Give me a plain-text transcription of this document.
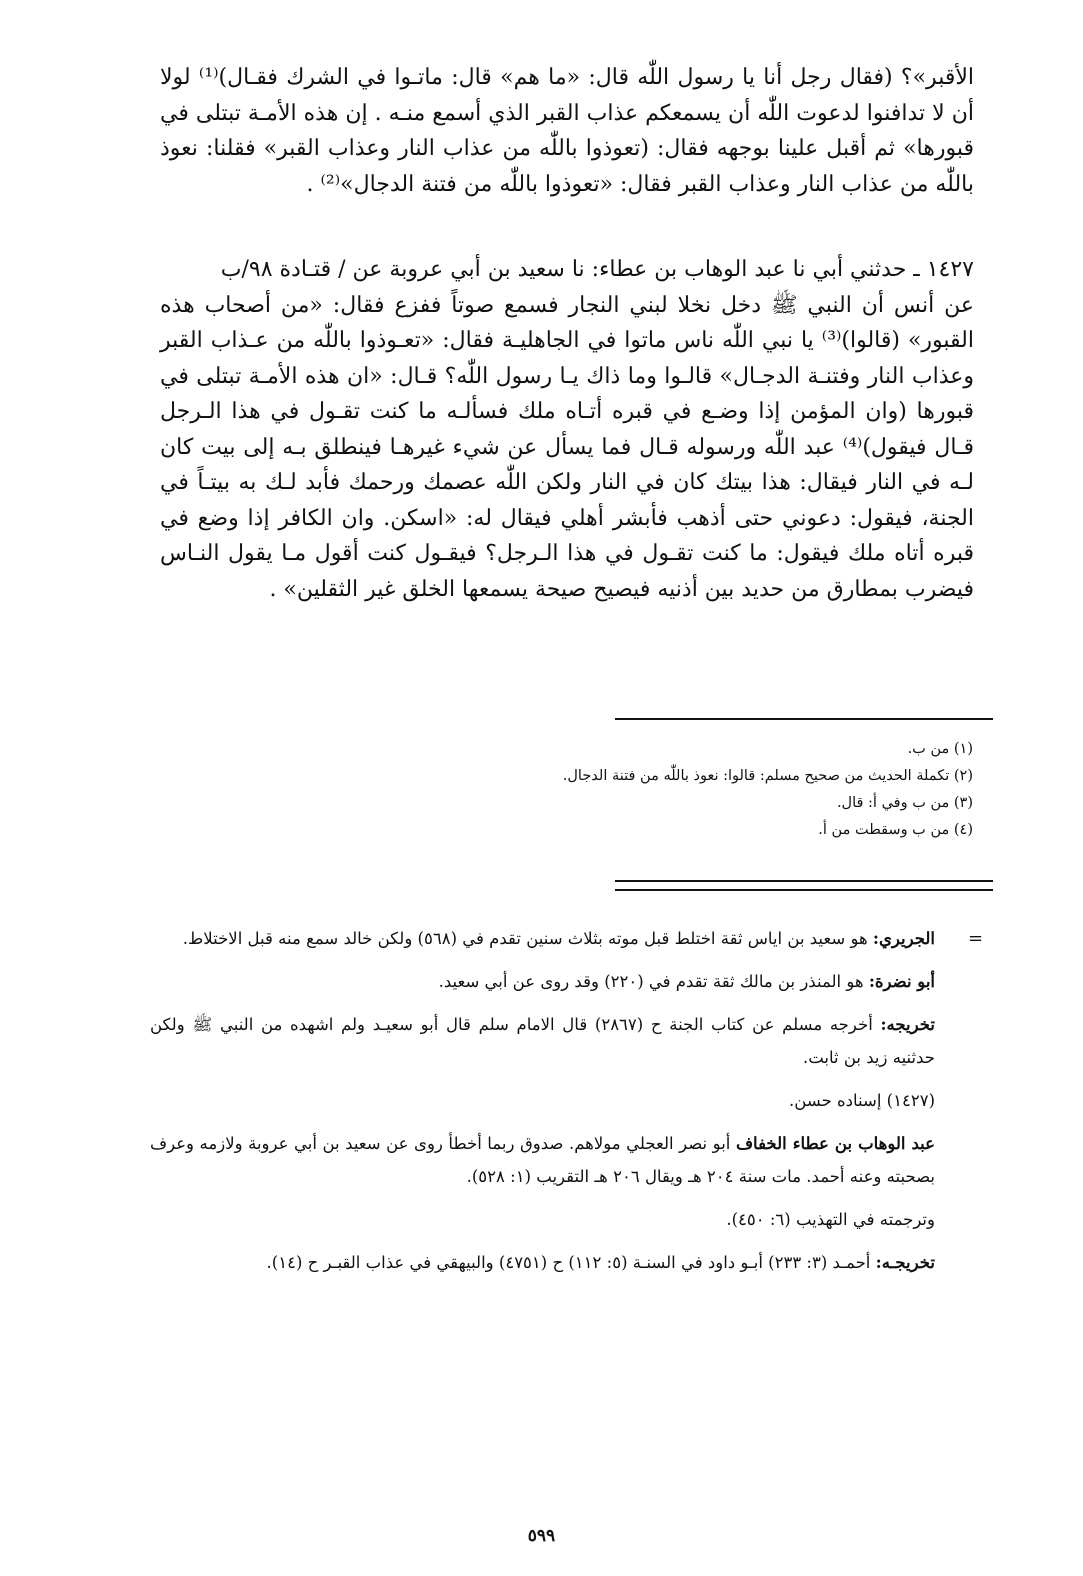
الأقبر»؟ (فقال رجل أنا يا رسول اللّٰه قال: «ما هم» قال: ماتـوا في الشرك فقـال)⁽¹⁾ لولا أن لا تدافنوا لدعوت اللّٰه أن يسمعكم عذاب القبر الذي أسمع منـه . إن هذه الأمـة تبتلى في قبورها» ثم أقبل علينا بوجهه فقال: (تعوذوا باللّٰه من عذاب النار وعذاب القبر» فقلنا: نعوذ باللّٰه من عذاب النار وعذاب القبر فقال: «تعوذوا باللّٰه من فتنة الدجال»⁽²⁾ .

١٤٢٧ ـ حدثني أبي نا عبد الوهاب بن عطاء: نا سعيد بن أبي عروبة عن / قتـادة ٩٨/ب

عن أنس أن النبي ﷺ دخل نخلا لبني النجار فسمع صوتاً ففزع فقال: «من أصحاب هذه القبور» (قالوا)⁽³⁾ يا نبي اللّٰه ناس ماتوا في الجاهليـة فقال: «تعـوذوا باللّٰه من عـذاب القبر وعذاب النار وفتنـة الدجـال» قالـوا وما ذاك يـا رسول اللّٰه؟ قـال: «ان هذه الأمـة تبتلى في قبورها (وان المؤمن إذا وضـع في قبره أتـاه ملك فسألـه ما كنت تقـول في هذا الـرجل قـال فيقول)⁽⁴⁾ عبد اللّٰه ورسوله قـال فما يسأل عن شيء غيرهـا فينطلق بـه إلى بيت كان لـه في النار فيقال: هذا بيتك كان في النار ولكن اللّٰه عصمك ورحمك فأبد لـك به بيتـاً في الجنة، فيقول: دعوني حتى أذهب فأبشر أهلي فيقال له: «اسكن. وان الكافر إذا وضع في قبره أتاه ملك فيقول: ما كنت تقـول في هذا الـرجل؟ فيقـول كنت أقول مـا يقول النـاس فيضرب بمطارق من حديد بين أذنيه فيصيح صيحة يسمعها الخلق غير الثقلين» .

(١) من ب.
(٢) تكملة الحديث من صحيح مسلم: قالوا: نعوذ باللّٰه من فتنة الدجال.
(٣) من ب وفي أ: قال.
(٤) من ب وسقطت من أ.
=

الجريري: هو سعيد بن اياس ثقة اختلط قبل موته بثلاث سنين تقدم في (٥٦٨) ولكن خالد سمع منه قبل الاختلاط.

أبو نضرة: هو المنذر بن مالك ثقة تقدم في (٢٢٠) وقد روى عن أبي سعيد.

تخريجه: أخرجه مسلم عن كتاب الجنة ح (٢٨٦٧) قال الامام سلم قال أبو سعيـد ولم اشهده من النبي ﷺ ولكن حدثنيه زيد بن ثابت.

(١٤٢٧) إسناده حسن.

عبد الوهاب بن عطاء الخفاف أبو نصر العجلي مولاهم. صدوق ربما أخطأ روى عن سعيد بن أبي عروبة ولازمه وعرف بصحبته وعنه أحمد. مات سنة ٢٠٤ هـ ويقال ٢٠٦ هـ التقريب (١: ٥٢٨).

وترجمته في التهذيب (٦: ٤٥٠).

تخريجـه: أحمـد (٣: ٢٣٣) أبـو داود في السنـة (٥: ١١٢) ح (٤٧٥١) والبيهقي في عذاب القبـر ح (١٤).

٥٩٩
